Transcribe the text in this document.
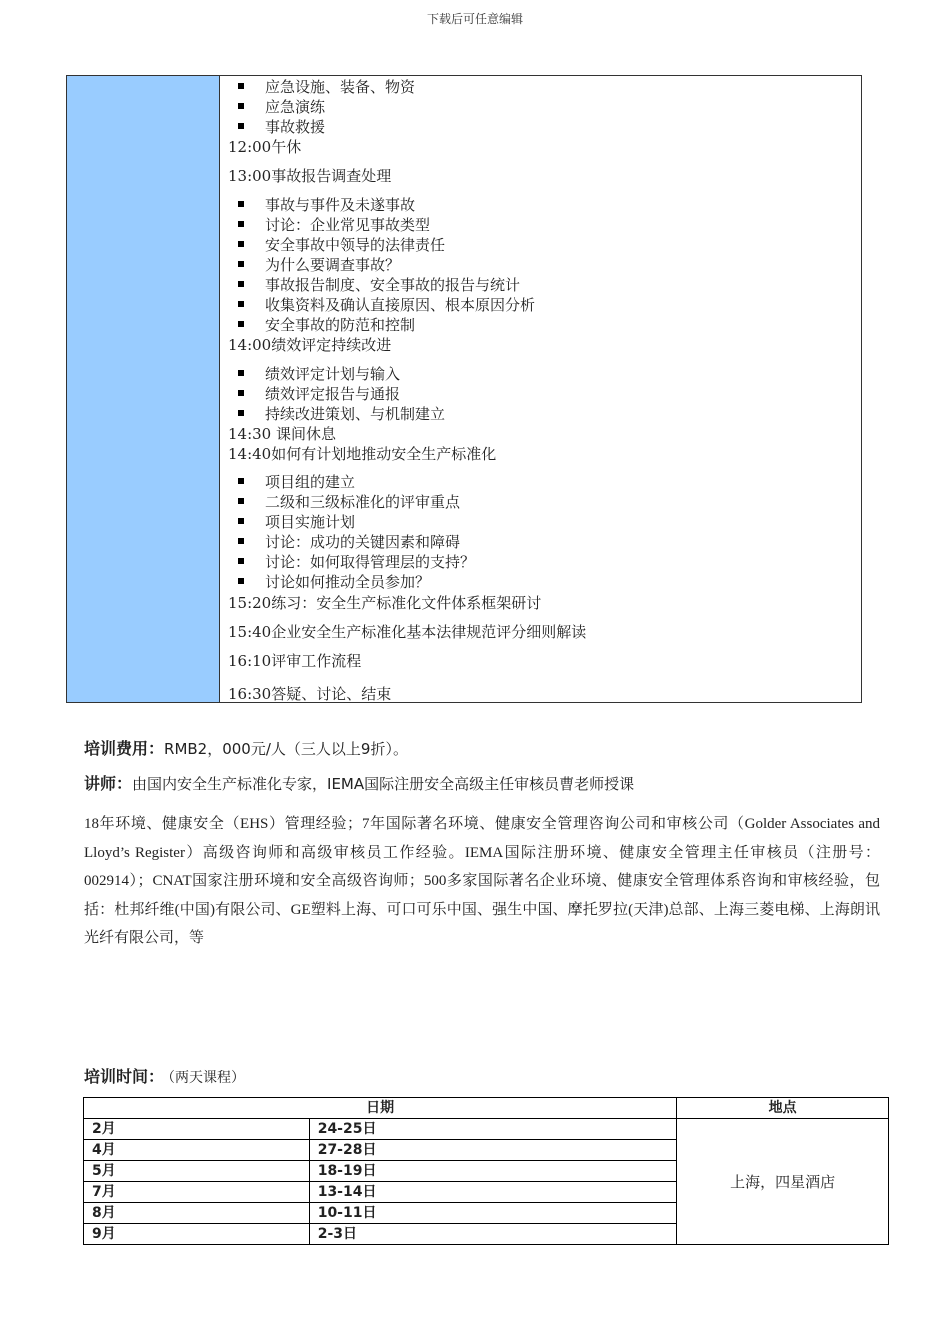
下载后可任意编辑
应急设施、装备、物资
应急演练
事故救援
12:00午休
13:00事故报告调查处理
事故与事件及未遂事故
讨论：企业常见事故类型
安全事故中领导的法律责任
为什么要调查事故？
事故报告制度、安全事故的报告与统计
收集资料及确认直接原因、根本原因分析
安全事故的防范和控制
14:00绩效评定持续改进
绩效评定计划与输入
绩效评定报告与通报
持续改进策划、与机制建立
14:30 课间休息
14:40如何有计划地推动安全生产标准化
项目组的建立
二级和三级标准化的评审重点
项目实施计划
讨论：成功的关键因素和障碍
讨论：如何取得管理层的支持？
讨论如何推动全员参加？
15:20练习：安全生产标准化文件体系框架研讨
15:40企业安全生产标准化基本法律规范评分细则解读
16:10评审工作流程
16:30答疑、讨论、结束
培训费用：RMB2，000元/人（三人以上9折）。
讲师：由国内安全生产标准化专家，IEMA国际注册安全高级主任审核员曹老师授课
18年环境、健康安全（EHS）管理经验；7年国际著名环境、健康安全管理咨询公司和审核公司（Golder Associates and Lloyd’s Register）高级咨询师和高级审核员工作经验。IEMA国际注册环境、健康安全管理主任审核员（注册号：002914）；CNAT国家注册环境和安全高级咨询师；500多家国际著名企业环境、健康安全管理体系咨询和审核经验，包括：杜邦纤维(中国)有限公司、GE塑料上海、可口可乐中国、强生中国、摩托罗拉(天津)总部、上海三菱电梯、上海朗讯光纤有限公司，等
培训时间： （两天课程）
日期		地点
2月	24-25日	上海，四星酒店
4月	27-28日	
5月	18-19日	
7月	13-14日	
8月	10-11日	
9月	2-3日	
